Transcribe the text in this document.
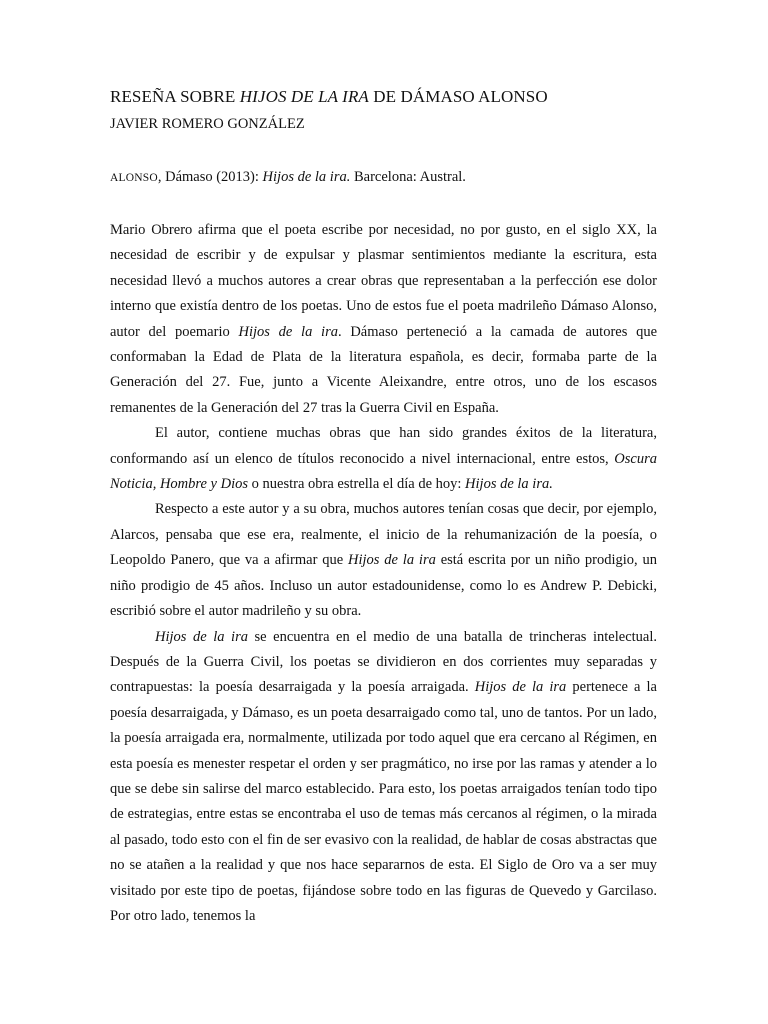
RESEÑA SOBRE HIJOS DE LA IRA DE DÁMASO ALONSO
JAVIER ROMERO GONZÁLEZ
ALONSO, Dámaso (2013): Hijos de la ira. Barcelona: Austral.

Mario Obrero afirma que el poeta escribe por necesidad, no por gusto, en el siglo XX, la necesidad de escribir y de expulsar y plasmar sentimientos mediante la escritura, esta necesidad llevó a muchos autores a crear obras que representaban a la perfección ese dolor interno que existía dentro de los poetas. Uno de estos fue el poeta madrileño Dámaso Alonso, autor del poemario Hijos de la ira. Dámaso perteneció a la camada de autores que conformaban la Edad de Plata de la literatura española, es decir, formaba parte de la Generación del 27. Fue, junto a Vicente Aleixandre, entre otros, uno de los escasos remanentes de la Generación del 27 tras la Guerra Civil en España.

El autor, contiene muchas obras que han sido grandes éxitos de la literatura, conformando así un elenco de títulos reconocido a nivel internacional, entre estos, Oscura Noticia, Hombre y Dios o nuestra obra estrella el día de hoy: Hijos de la ira.

Respecto a este autor y a su obra, muchos autores tenían cosas que decir, por ejemplo, Alarcos, pensaba que ese era, realmente, el inicio de la rehumanización de la poesía, o Leopoldo Panero, que va a afirmar que Hijos de la ira está escrita por un niño prodigio, un niño prodigio de 45 años. Incluso un autor estadounidense, como lo es Andrew P. Debicki, escribió sobre el autor madrileño y su obra.

Hijos de la ira se encuentra en el medio de una batalla de trincheras intelectual. Después de la Guerra Civil, los poetas se dividieron en dos corrientes muy separadas y contrapuestas: la poesía desarraigada y la poesía arraigada. Hijos de la ira pertenece a la poesía desarraigada, y Dámaso, es un poeta desarraigado como tal, uno de tantos. Por un lado, la poesía arraigada era, normalmente, utilizada por todo aquel que era cercano al Régimen, en esta poesía es menester respetar el orden y ser pragmático, no irse por las ramas y atender a lo que se debe sin salirse del marco establecido. Para esto, los poetas arraigados tenían todo tipo de estrategias, entre estas se encontraba el uso de temas más cercanos al régimen, o la mirada al pasado, todo esto con el fin de ser evasivo con la realidad, de hablar de cosas abstractas que no se atañen a la realidad y que nos hace separarnos de esta. El Siglo de Oro va a ser muy visitado por este tipo de poetas, fijándose sobre todo en las figuras de Quevedo y Garcilaso. Por otro lado, tenemos la
